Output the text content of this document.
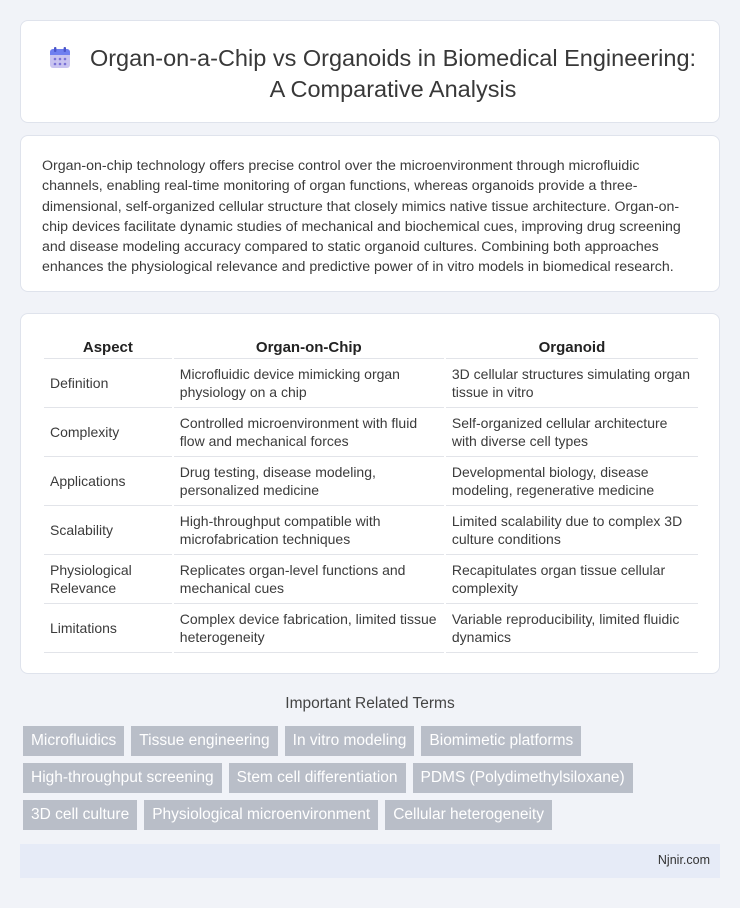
Organ-on-a-Chip vs Organoids in Biomedical Engineering: A Comparative Analysis

Organ-on-chip technology offers precise control over the microenvironment through microfluidic channels, enabling real-time monitoring of organ functions, whereas organoids provide a three-dimensional, self-organized cellular structure that closely mimics native tissue architecture. Organ-on-chip devices facilitate dynamic studies of mechanical and biochemical cues, improving drug screening and disease modeling accuracy compared to static organoid cultures. Combining both approaches enhances the physiological relevance and predictive power of in vitro models in biomedical research.

Aspect	Organ-on-Chip	Organoid
Definition	Microfluidic device mimicking organ physiology on a chip	3D cellular structures simulating organ tissue in vitro
Complexity	Controlled microenvironment with fluid flow and mechanical forces	Self-organized cellular architecture with diverse cell types
Applications	Drug testing, disease modeling, personalized medicine	Developmental biology, disease modeling, regenerative medicine
Scalability	High-throughput compatible with microfabrication techniques	Limited scalability due to complex 3D culture conditions
Physiological Relevance	Replicates organ-level functions and mechanical cues	Recapitulates organ tissue cellular complexity
Limitations	Complex device fabrication, limited tissue heterogeneity	Variable reproducibility, limited fluidic dynamics
Important Related Terms
Microfluidics	Tissue engineering	In vitro modeling	Biomimetic platforms
High-throughput screening	Stem cell differentiation	PDMS (Polydimethylsiloxane)
3D cell culture	Physiological microenvironment	Cellular heterogeneity
Njnir.com
